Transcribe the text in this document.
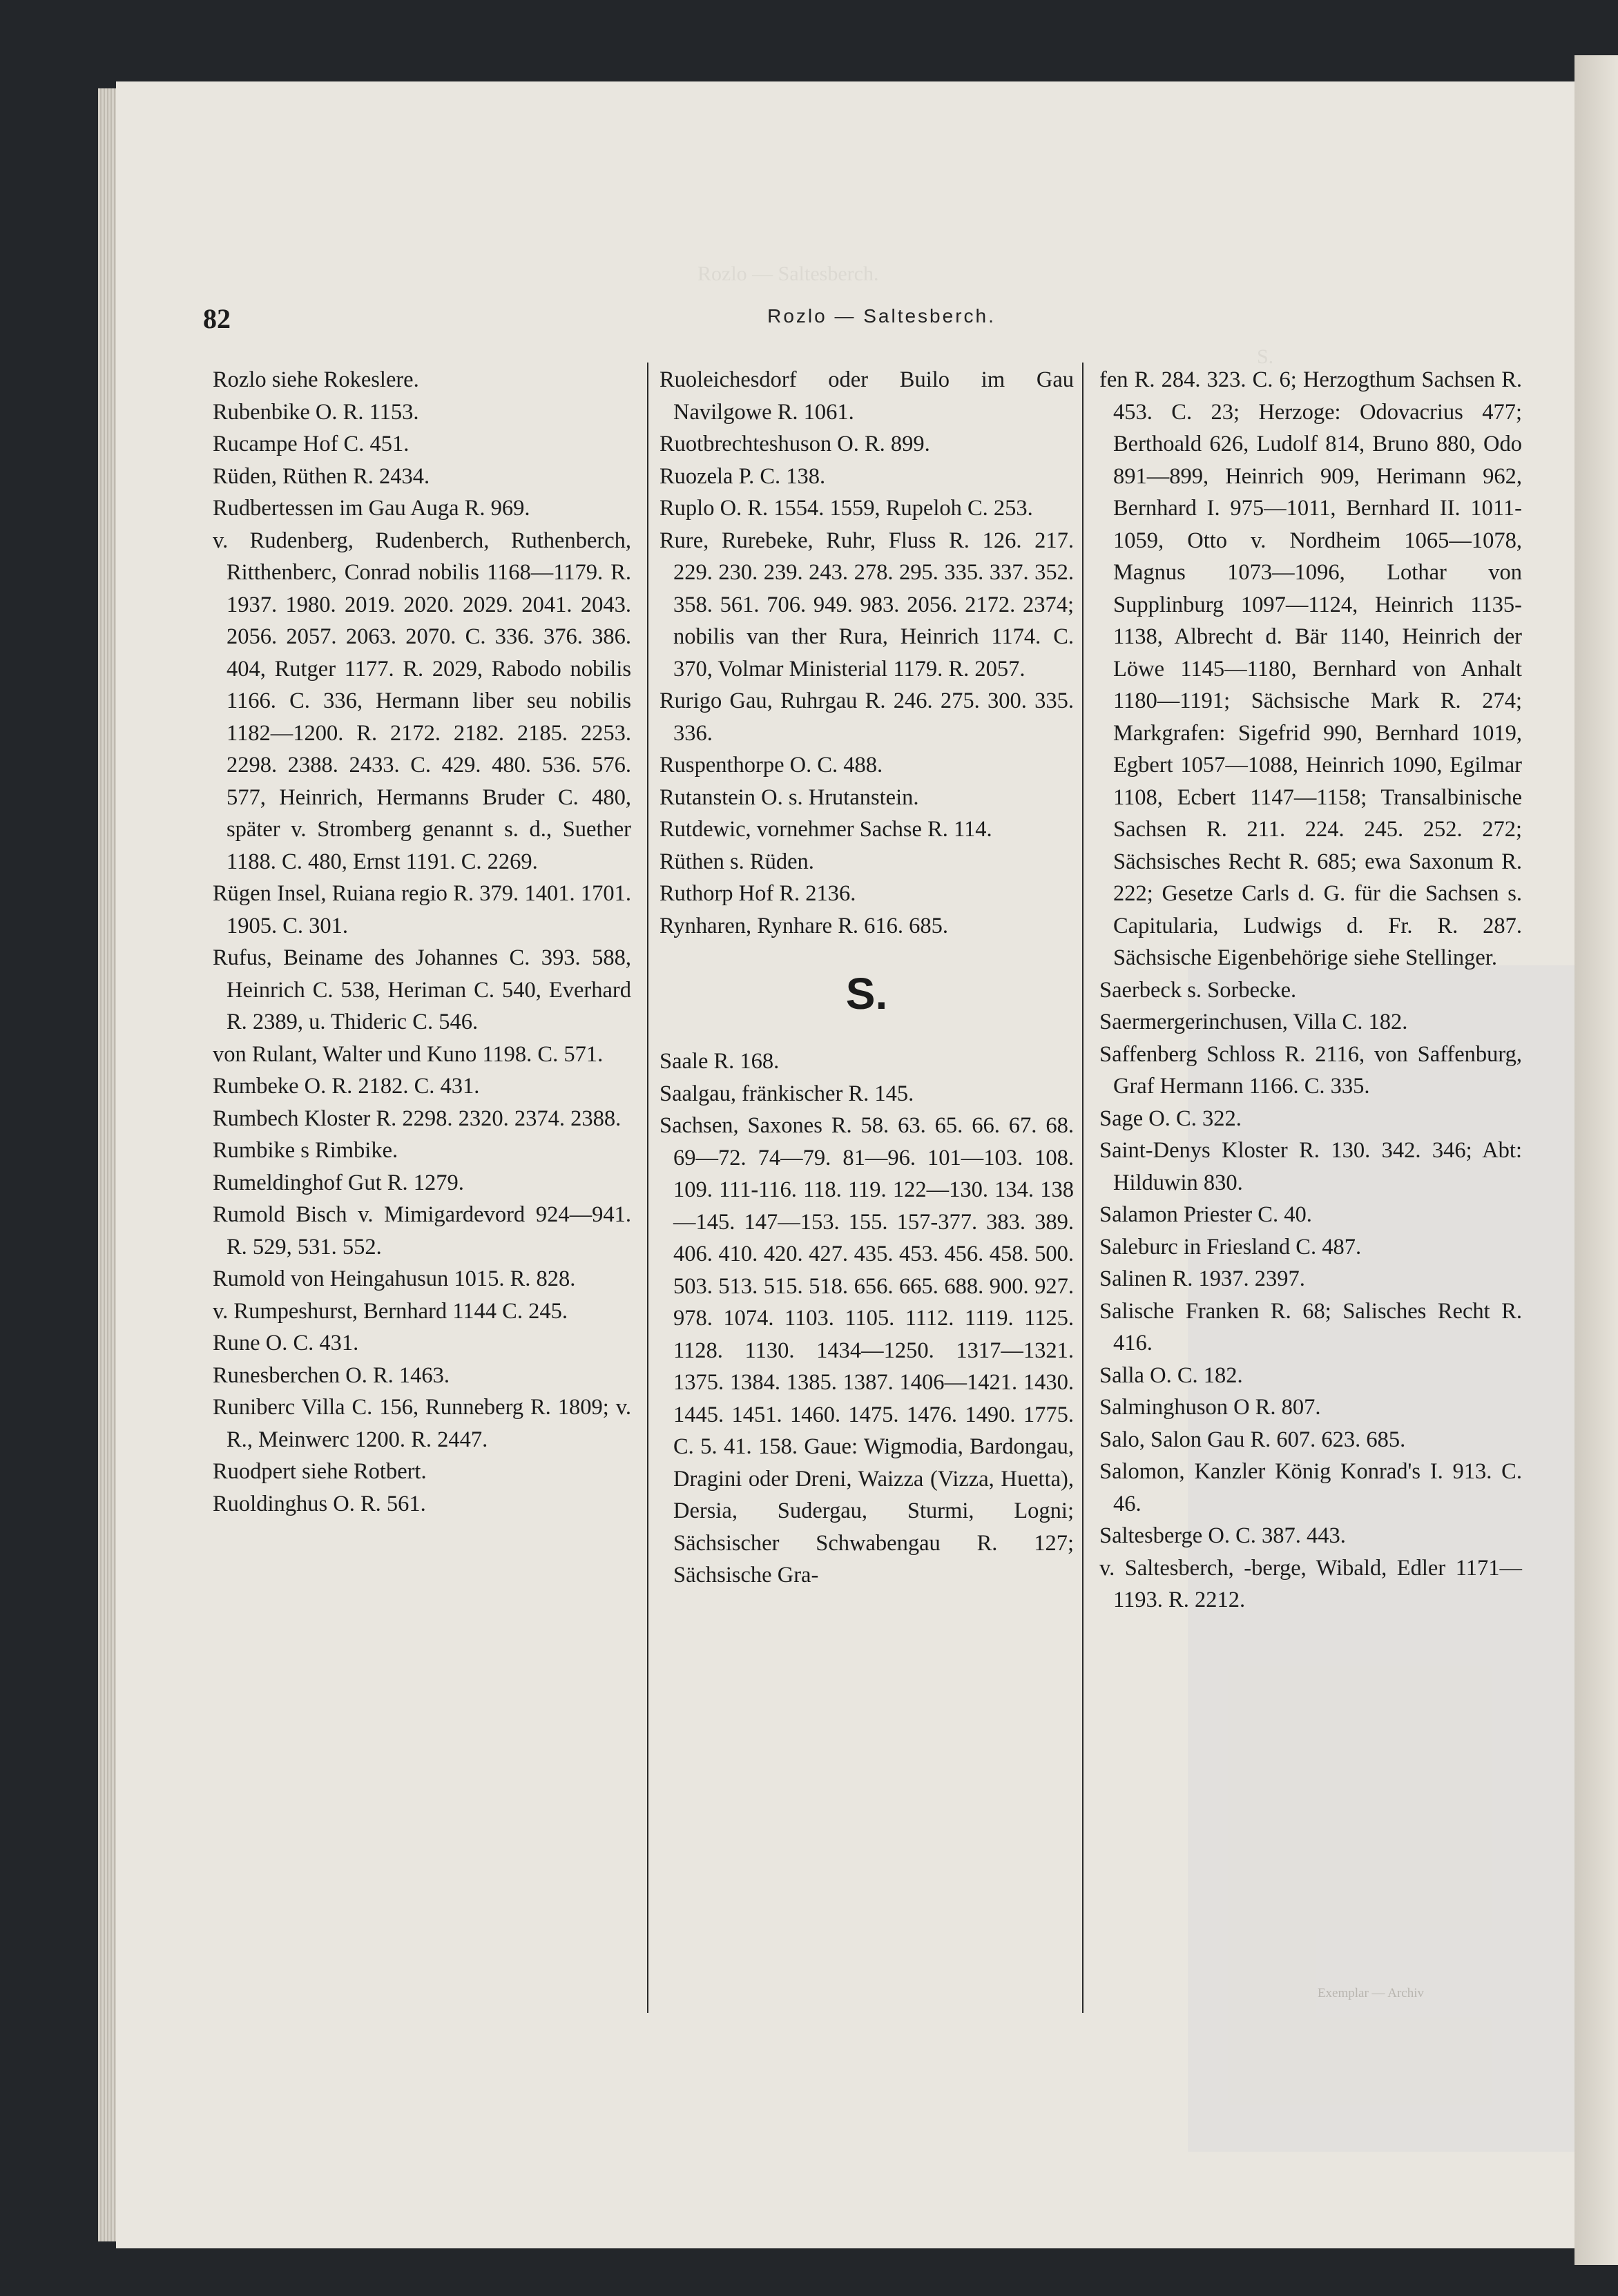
Exemplar — Archiv
Rozlo — Saltesberch.
S.
82	Rozlo — Saltesberch.

Rozlo siehe Rokeslere.

Rubenbike O. R. 1153.

Rucampe Hof C. 451.

Rüden, Rüthen R. 2434.

Rudbertessen im Gau Auga R. 969.

v. Rudenberg, Rudenberch, Ruthenberch, Ritthenberc, Conrad nobilis 1168—1179. R. 1937. 1980. 2019. 2020. 2029. 2041. 2043. 2056. 2057. 2063. 2070. C. 336. 376. 386. 404, Rutger 1177. R. 2029, Rabodo nobilis 1166. C. 336, Hermann liber seu nobilis 1182—1200. R. 2172. 2182. 2185. 2253. 2298. 2388. 2433. C. 429. 480. 536. 576. 577, Heinrich, Hermanns Bruder C. 480, später v. Stromberg genannt s. d., Suether 1188. C. 480, Ernst 1191. C. 2269.

Rügen Insel, Ruiana regio R. 379. 1401. 1701. 1905. C. 301.

Rufus, Beiname des Johannes C. 393. 588, Heinrich C. 538, Heriman C. 540, Everhard R. 2389, u. Thideric C. 546.

von Rulant, Walter und Kuno 1198. C. 571.

Rumbeke O. R. 2182. C. 431.

Rumbech Kloster R. 2298. 2320. 2374. 2388.

Rumbike s Rimbike.

Rumeldinghof Gut R. 1279.

Rumold Bisch v. Mimigardevord 924—941. R. 529, 531. 552.

Rumold von Heingahusun 1015. R. 828.

v. Rumpeshurst, Bernhard 1144 C. 245.

Rune O. C. 431.

Runesberchen O. R. 1463.

Runiberc Villa C. 156, Runneberg R. 1809; v. R., Meinwerc 1200. R. 2447.

Ruodpert siehe Rotbert.

Ruoldinghus O. R. 561.

Ruoleichesdorf oder Builo im Gau Navilgowe R. 1061.

Ruotbrechteshuson O. R. 899.

Ruozela P. C. 138.

Ruplo O. R. 1554. 1559, Rupeloh C. 253.

Rure, Rurebeke, Ruhr, Fluss R. 126. 217. 229. 230. 239. 243. 278. 295. 335. 337. 352. 358. 561. 706. 949. 983. 2056. 2172. 2374; nobilis van ther Rura, Heinrich 1174. C. 370, Volmar Ministerial 1179. R. 2057.

Rurigo Gau, Ruhrgau R. 246. 275. 300. 335. 336.

Ruspenthorpe O. C. 488.

Rutanstein O. s. Hrutanstein.

Rutdewic, vornehmer Sachse R. 114.

Rüthen s. Rüden.

Ruthorp Hof R. 2136.

Rynharen, Rynhare R. 616. 685.

S.

Saale R. 168.

Saalgau, fränkischer R. 145.

Sachsen, Saxones R. 58. 63. 65. 66. 67. 68. 69—72. 74—79. 81—96. 101—103. 108. 109. 111-116. 118. 119. 122—130. 134. 138—145. 147—153. 155. 157-377. 383. 389. 406. 410. 420. 427. 435. 453. 456. 458. 500. 503. 513. 515. 518. 656. 665. 688. 900. 927. 978. 1074. 1103. 1105. 1112. 1119. 1125. 1128. 1130. 1434—1250. 1317—1321. 1375. 1384. 1385. 1387. 1406—1421. 1430. 1445. 1451. 1460. 1475. 1476. 1490. 1775. C. 5. 41. 158. Gaue: Wigmodia, Bardongau, Dragini oder Dreni, Waizza (Vizza, Huetta), Dersia, Sudergau, Sturmi, Logni; Sächsischer Schwabengau R. 127; Sächsische Gra-

fen R. 284. 323. C. 6; Herzogthum Sachsen R. 453. C. 23; Herzoge: Odovacrius 477; Berthoald 626, Ludolf 814, Bruno 880, Odo 891—899, Heinrich 909, Herimann 962, Bernhard I. 975—1011, Bernhard II. 1011-1059, Otto v. Nordheim 1065—1078, Magnus 1073—1096, Lothar von Supplinburg 1097—1124, Heinrich 1135-1138, Albrecht d. Bär 1140, Heinrich der Löwe 1145—1180, Bernhard von Anhalt 1180—1191; Sächsische Mark R. 274; Markgrafen: Sigefrid 990, Bernhard 1019, Egbert 1057—1088, Heinrich 1090, Egilmar 1108, Ecbert 1147—1158; Transalbinische Sachsen R. 211. 224. 245. 252. 272; Sächsisches Recht R. 685; ewa Saxonum R. 222; Gesetze Carls d. G. für die Sachsen s. Capitularia, Ludwigs d. Fr. R. 287. Sächsische Eigenbehörige siehe Stellinger.

Saerbeck s. Sorbecke.

Saermergerinchusen, Villa C. 182.

Saffenberg Schloss R. 2116, von Saffenburg, Graf Hermann 1166. C. 335.

Sage O. C. 322.

Saint-Denys Kloster R. 130. 342. 346; Abt: Hilduwin 830.

Salamon Priester C. 40.

Saleburc in Friesland C. 487.

Salinen R. 1937. 2397.

Salische Franken R. 68; Salisches Recht R. 416.

Salla O. C. 182.

Salminghuson O R. 807.

Salo, Salon Gau R. 607. 623. 685.

Salomon, Kanzler König Konrad's I. 913. C. 46.

Saltesberge O. C. 387. 443.

v. Saltesberch, -berge, Wibald, Edler 1171—1193. R. 2212.
